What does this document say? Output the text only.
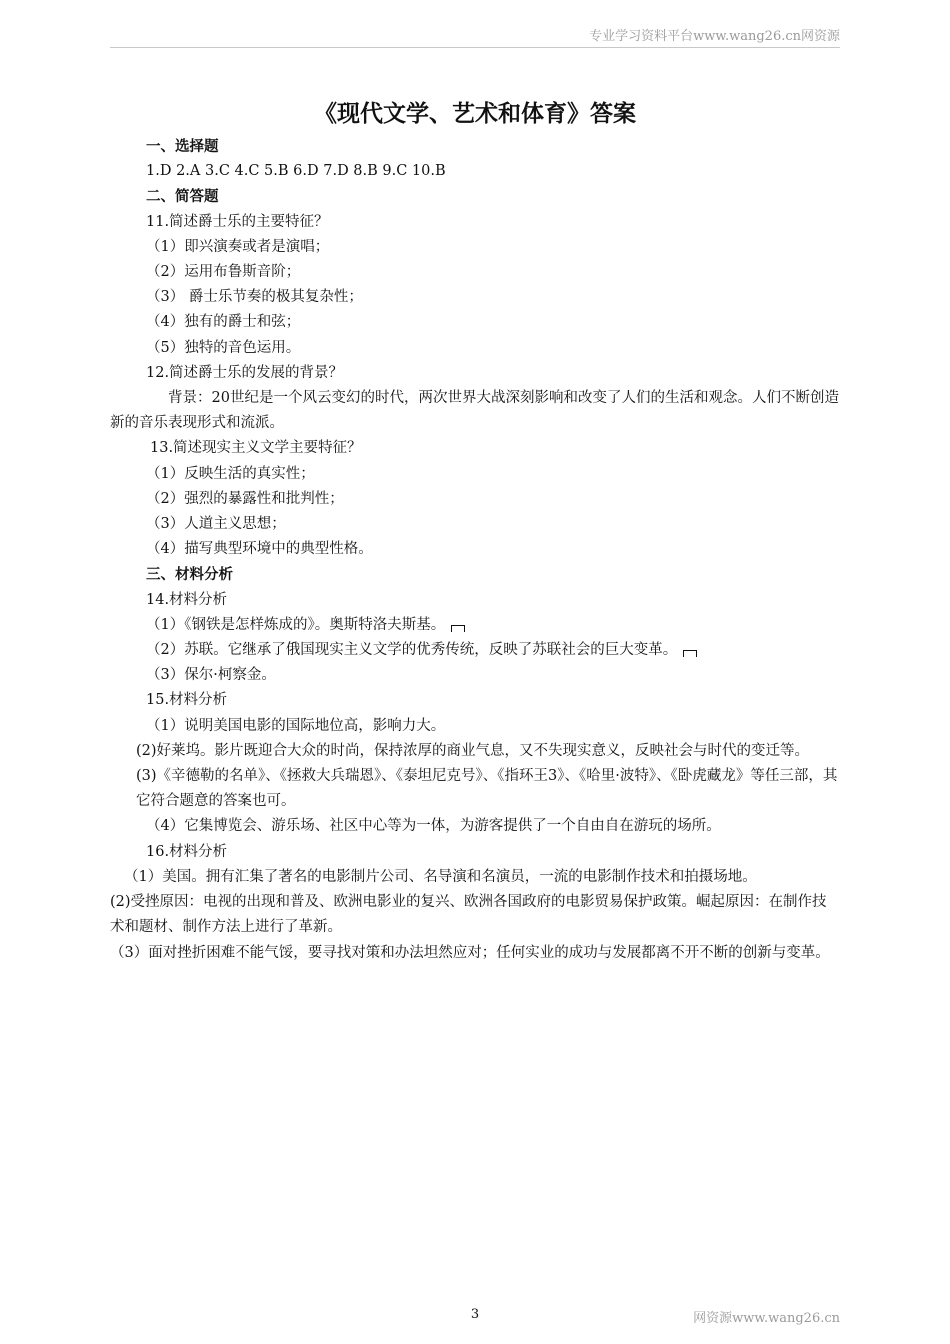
专业学习资料平台www.wang26.cn网资源
《现代文学、艺术和体育》答案
一、选择题
1.D 2.A 3.C 4.C 5.B 6.D 7.D 8.B 9.C 10.B
二、简答题
11.简述爵士乐的主要特征？
（1）即兴演奏或者是演唱；
（2）运用布鲁斯音阶；
（3） 爵士乐节奏的极其复杂性；
（4）独有的爵士和弦；
（5）独特的音色运用。
12.简述爵士乐的发展的背景？
背景：20世纪是一个风云变幻的时代，两次世界大战深刻影响和改变了人们的生活和观念。人们不断创造新的音乐表现形式和流派。
13.简述现实主义文学主要特征？
（1）反映生活的真实性；
（2）强烈的暴露性和批判性；
（3）人道主义思想；
（4）描写典型环境中的典型性格。
三、材料分析
14.材料分析
（1）《钢铁是怎样炼成的》。奥斯特洛夫斯基。
（2）苏联。它继承了俄国现实主义文学的优秀传统，反映了苏联社会的巨大变革。
（3）保尔·柯察金。
15.材料分析
（1）说明美国电影的国际地位高，影响力大。
(2)好莱坞。影片既迎合大众的时尚，保持浓厚的商业气息，又不失现实意义，反映社会与时代的变迁等。
(3)《辛德勒的名单》、《拯救大兵瑞恩》、《泰坦尼克号》、《指环王3》、《哈里·波特》、《卧虎藏龙》等任三部，其它符合题意的答案也可。
（4）它集博览会、游乐场、社区中心等为一体，为游客提供了一个自由自在游玩的场所。
16.材料分析
（1）美国。拥有汇集了著名的电影制片公司、名导演和名演员，一流的电影制作技术和拍摄场地。
(2)受挫原因：电视的出现和普及、欧洲电影业的复兴、欧洲各国政府的电影贸易保护政策。崛起原因：在制作技术和题材、制作方法上进行了革新。
（3）面对挫折困难不能气馁，要寻找对策和办法坦然应对；任何实业的成功与发展都离不开不断的创新与变革。
3	网资源www.wang26.cn
